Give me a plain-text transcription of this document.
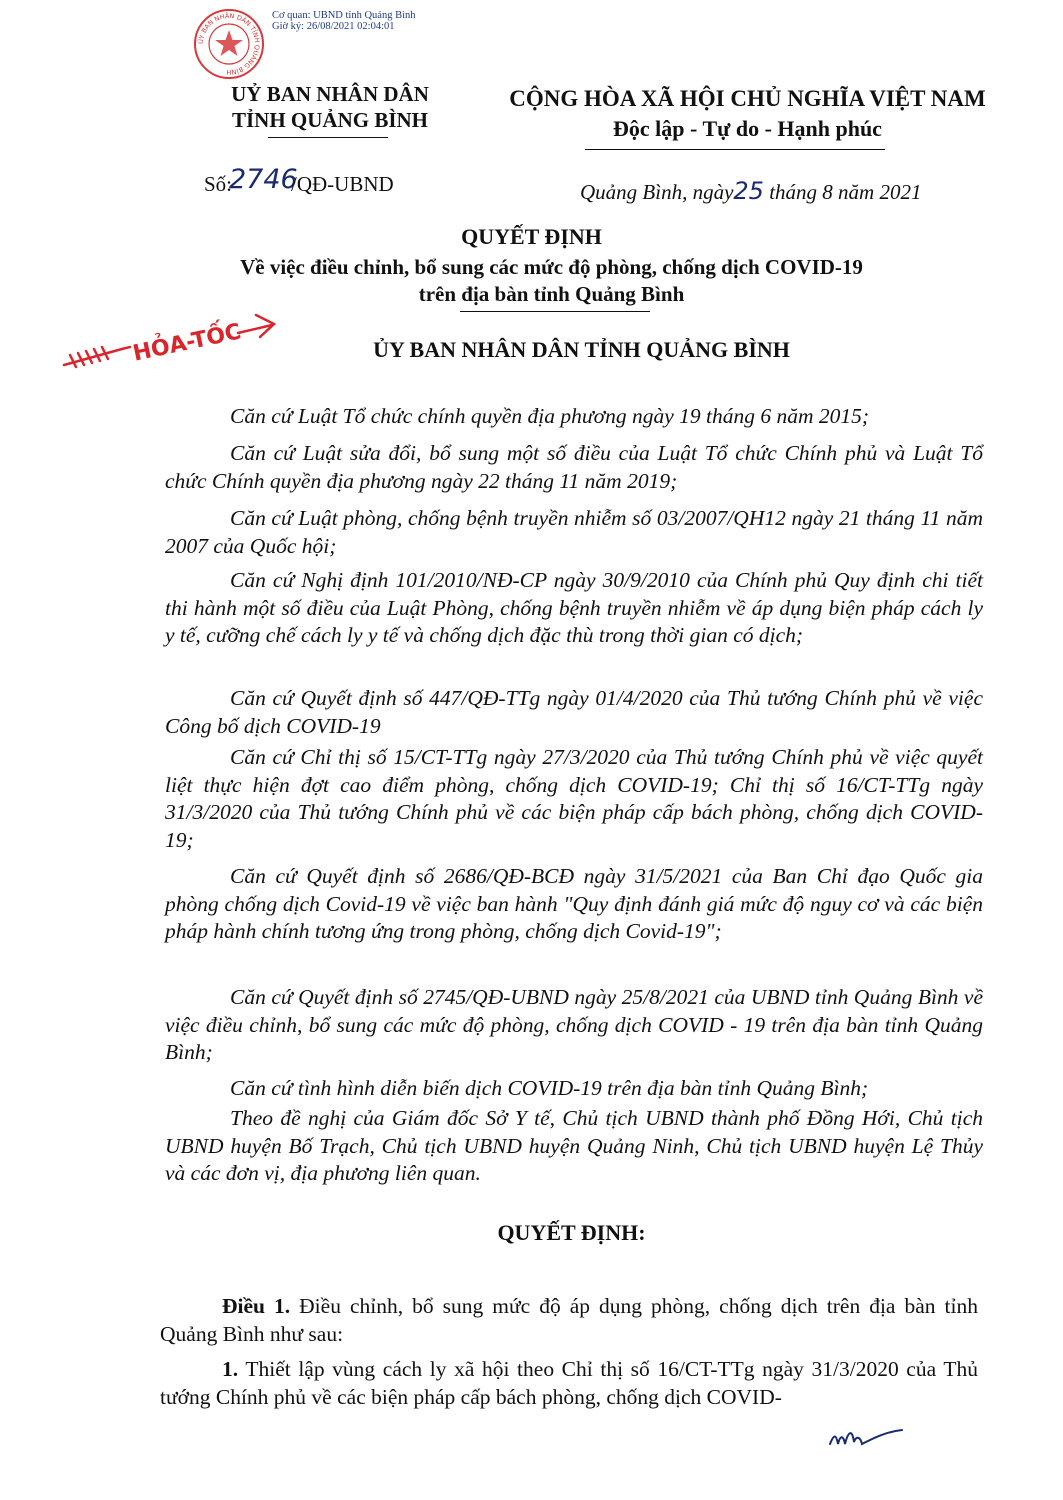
ỦY BAN NHÂN DÂN TỈNH QUẢNG BÌNH
Cơ quan: UBND tỉnh Quảng Bình
Giờ ký: 26/08/2021 02:04:01
UỶ BAN NHÂN DÂN
TỈNH QUẢNG BÌNH
CỘNG HÒA XÃ HỘI CHỦ NGHĨA VIỆT NAM
Độc lập - Tự do - Hạnh phúc
Số:
2746
/QĐ-UBND	Quảng Bình, ngày25 tháng 8 năm 2021
QUYẾT ĐỊNH
Về việc điều chỉnh, bổ sung các mức độ phòng, chống dịch COVID-19
trên địa bàn tỉnh Quảng Bình
HỎA-TỐC	ỦY BAN NHÂN DÂN TỈNH QUẢNG BÌNH
Căn cứ Luật Tổ chức chính quyền địa phương ngày 19 tháng 6 năm 2015;
Căn cứ Luật sửa đổi, bổ sung một số điều của Luật Tổ chức Chính phủ và Luật Tổ chức Chính quyền địa phương ngày 22 tháng 11 năm 2019;
Căn cứ Luật phòng, chống bệnh truyền nhiễm số 03/2007/QH12 ngày 21 tháng 11 năm 2007 của Quốc hội;
Căn cứ Nghị định 101/2010/NĐ-CP ngày 30/9/2010 của Chính phủ Quy định chi tiết thi hành một số điều của Luật Phòng, chống bệnh truyền nhiễm về áp dụng biện pháp cách ly y tế, cưỡng chế cách ly y tế và chống dịch đặc thù trong thời gian có dịch;
Căn cứ Quyết định số 447/QĐ-TTg ngày 01/4/2020 của Thủ tướng Chính phủ về việc Công bố dịch COVID-19
Căn cứ Chỉ thị số 15/CT-TTg ngày 27/3/2020 của Thủ tướng Chính phủ về việc quyết liệt thực hiện đợt cao điểm phòng, chống dịch COVID-19; Chỉ thị số 16/CT-TTg ngày 31/3/2020 của Thủ tướng Chính phủ về các biện pháp cấp bách phòng, chống dịch COVID-19;
Căn cứ Quyết định số 2686/QĐ-BCĐ ngày 31/5/2021 của Ban Chỉ đạo Quốc gia phòng chống dịch Covid-19 về việc ban hành "Quy định đánh giá mức độ nguy cơ và các biện pháp hành chính tương ứng trong phòng, chống dịch Covid-19";
Căn cứ Quyết định số 2745/QĐ-UBND ngày 25/8/2021 của UBND tỉnh Quảng Bình về việc điều chỉnh, bổ sung các mức độ phòng, chống dịch COVID - 19 trên địa bàn tỉnh Quảng Bình;
Căn cứ tình hình diễn biến dịch COVID-19 trên địa bàn tỉnh Quảng Bình;
Theo đề nghị của Giám đốc Sở Y tế, Chủ tịch UBND thành phố Đồng Hới, Chủ tịch UBND huyện Bố Trạch, Chủ tịch UBND huyện Quảng Ninh, Chủ tịch UBND huyện Lệ Thủy và các đơn vị, địa phương liên quan.
QUYẾT ĐỊNH:
Điều 1. Điều chỉnh, bổ sung mức độ áp dụng phòng, chống dịch trên địa bàn tỉnh Quảng Bình như sau:
1. Thiết lập vùng cách ly xã hội theo Chỉ thị số 16/CT-TTg ngày 31/3/2020 của Thủ tướng Chính phủ về các biện pháp cấp bách phòng, chống dịch COVID-
